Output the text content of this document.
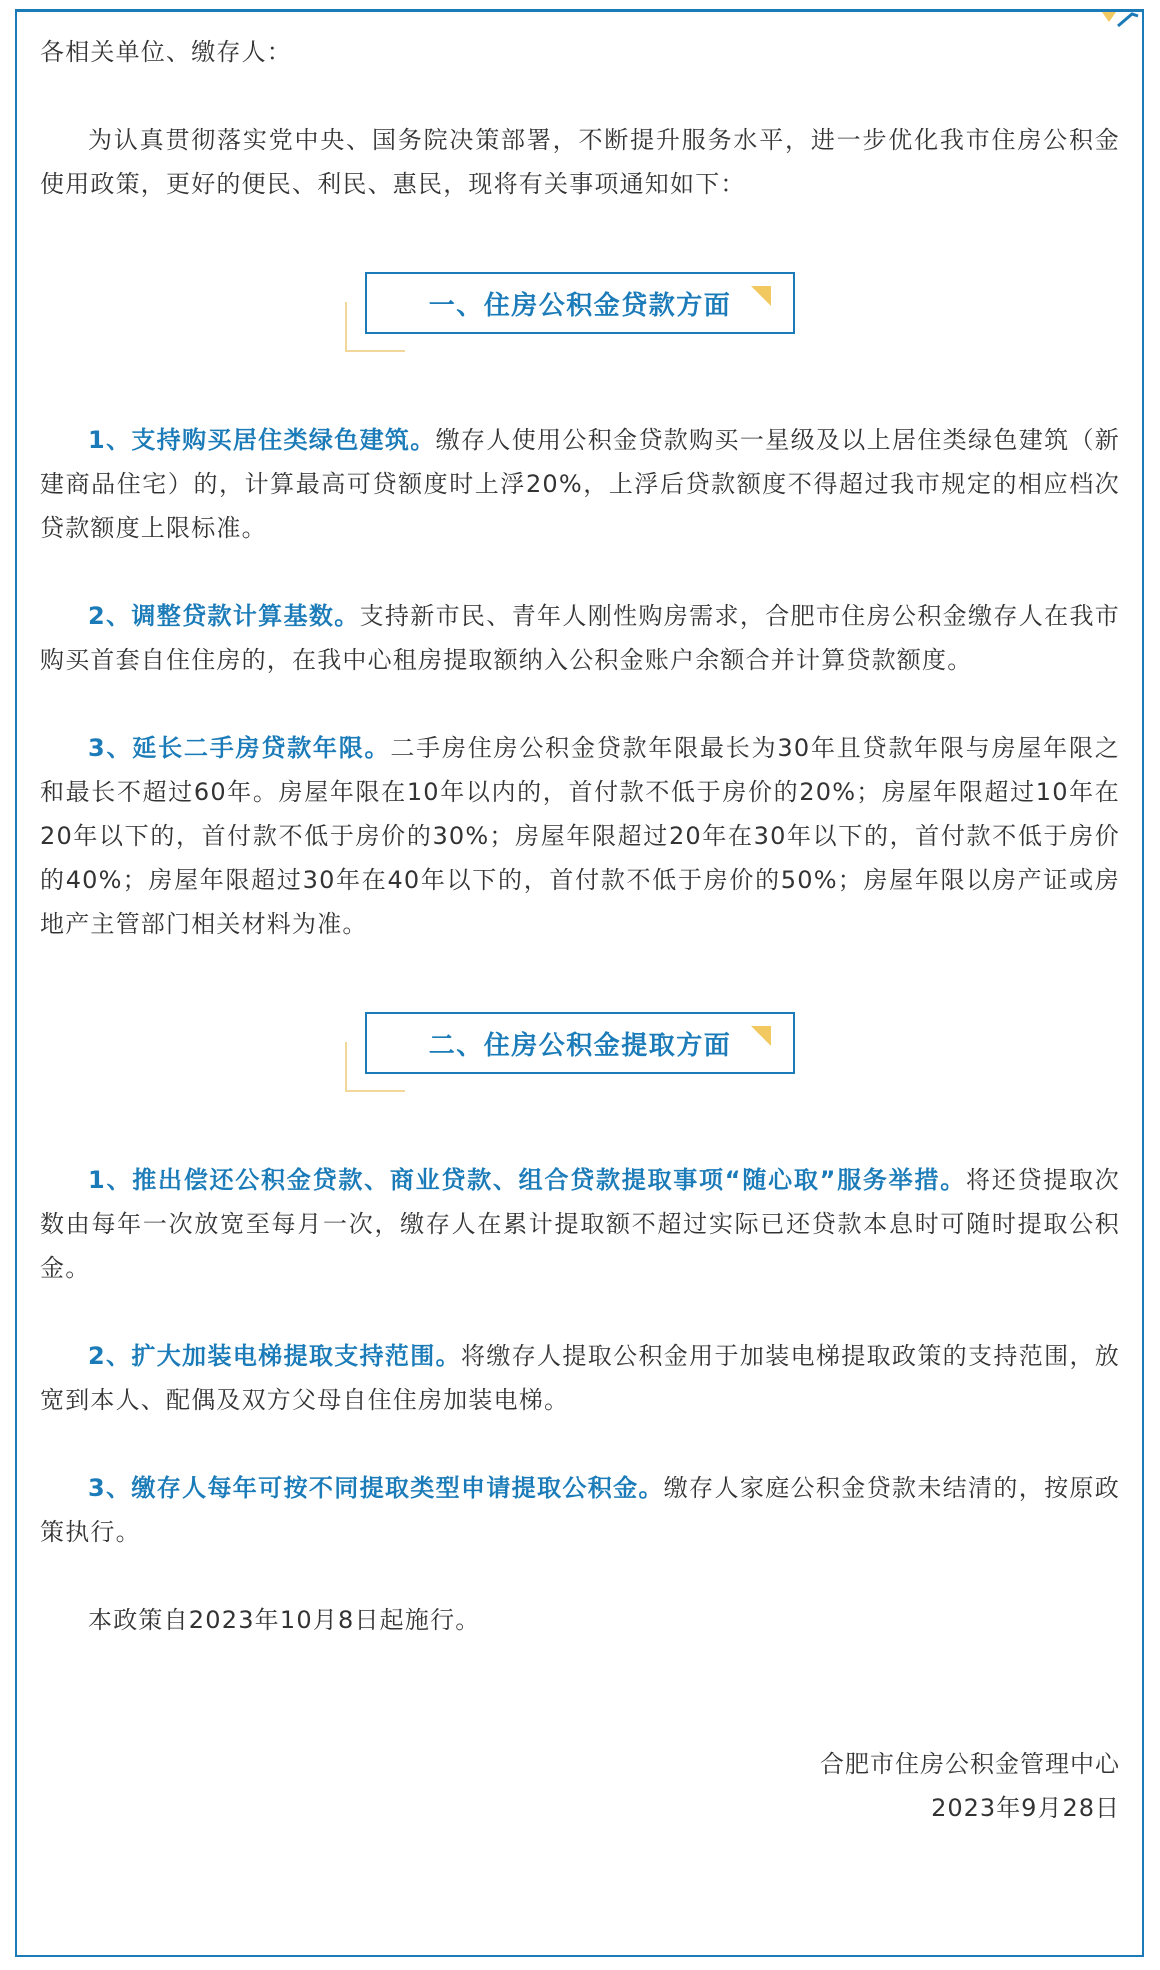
各相关单位、缴存人：

为认真贯彻落实党中央、国务院决策部署，不断提升服务水平，进一步优化我市住房公积金使用政策，更好的便民、利民、惠民，现将有关事项通知如下：

一、住房公积金贷款方面

1、支持购买居住类绿色建筑。缴存人使用公积金贷款购买一星级及以上居住类绿色建筑（新建商品住宅）的，计算最高可贷额度时上浮20%，上浮后贷款额度不得超过我市规定的相应档次贷款额度上限标准。

2、调整贷款计算基数。支持新市民、青年人刚性购房需求，合肥市住房公积金缴存人在我市购买首套自住住房的，在我中心租房提取额纳入公积金账户余额合并计算贷款额度。

3、延长二手房贷款年限。二手房住房公积金贷款年限最长为30年且贷款年限与房屋年限之和最长不超过60年。房屋年限在10年以内的，首付款不低于房价的20%；房屋年限超过10年在20年以下的，首付款不低于房价的30%；房屋年限超过20年在30年以下的，首付款不低于房价的40%；房屋年限超过30年在40年以下的，首付款不低于房价的50%；房屋年限以房产证或房地产主管部门相关材料为准。

二、住房公积金提取方面

1、推出偿还公积金贷款、商业贷款、组合贷款提取事项“随心取”服务举措。将还贷提取次数由每年一次放宽至每月一次，缴存人在累计提取额不超过实际已还贷款本息时可随时提取公积金。

2、扩大加装电梯提取支持范围。将缴存人提取公积金用于加装电梯提取政策的支持范围，放宽到本人、配偶及双方父母自住住房加装电梯。

3、缴存人每年可按不同提取类型申请提取公积金。缴存人家庭公积金贷款未结清的，按原政策执行。

本政策自2023年10月8日起施行。

合肥市住房公积金管理中心
2023年9月28日
